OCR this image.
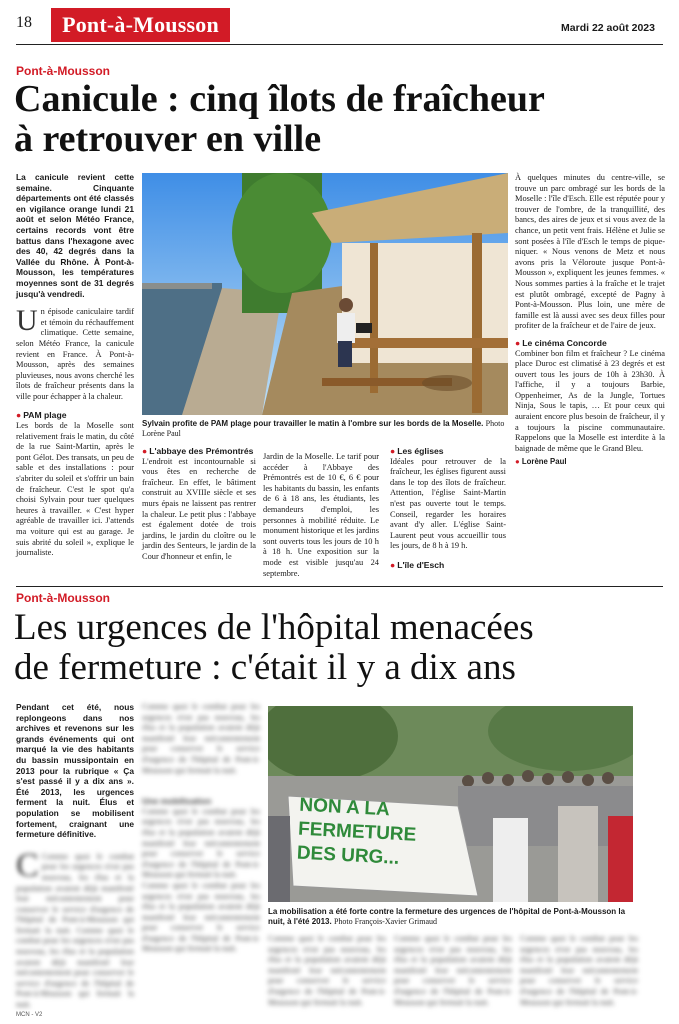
18	Pont-à-Mousson	Mardi 22 août 2023
Pont-à-Mousson
Canicule : cinq îlots de fraîcheur
à retrouver en ville
La canicule revient cette semaine. Cinquante départements ont été classés en vigilance orange lundi 21 août et selon Météo France, certains records vont être battus dans l'hexagone avec des 40, 42 degrés dans la Vallée du Rhône. À Pont-à-Mousson, les températures moyennes sont de 31 degrés jusqu'à vendredi.
Un épisode caniculaire tardif et témoin du réchauffement climatique. Cette semaine, selon Météo France, la canicule revient en France. À Pont-à-Mousson, après des semaines pluvieuses, nous avons cherché les îlots de fraîcheur présents dans la ville pour échapper à la chaleur.
● PAM plage
Les bords de la Moselle sont relativement frais le matin, du côté de la rue Saint-Martin, après le pont Gélot. Des transats, un peu de sable et des installations : pour s'abriter du soleil et s'offrir un bain de fraîcheur. C'est le spot qu'a choisi Sylvain pour tuer quelques heures à travailler. « C'est hyper agréable de travailler ici. J'attends ma voiture qui est au garage. Je suis abrité du soleil », explique le journaliste.
Sylvain profite de PAM plage pour travailler le matin à l'ombre sur les bords de la Moselle. Photo Lorène Paul
● L'abbaye des Prémontrés
L'endroit est incontournable si vous êtes en recherche de fraîcheur. En effet, le bâtiment construit au XVIIIe siècle et ses murs épais ne laissent pas rentrer la chaleur. Le petit plus : l'abbaye est également dotée de trois jardins, le jardin du cloître ou le jardin des Senteurs, le jardin de la Cour d'honneur et enfin, le
Jardin de la Moselle. Le tarif pour accéder à l'Abbaye des Prémontrés est de 10 €, 6 € pour les habitants du bassin, les enfants de 6 à 18 ans, les étudiants, les demandeurs d'emploi, les personnes à mobilité réduite. Le monument historique et les jardins sont ouverts tous les jours de 10 h à 18 h. Une exposition sur la mode est visible jusqu'au 24 septembre.
● Les églises
Idéales pour retrouver de la fraîcheur, les églises figurent aussi dans le top des îlots de fraîcheur. Attention, l'église Saint-Martin n'est pas ouverte tout le temps. Conseil, regarder les horaires avant d'y aller. L'église Saint-Laurent peut vous accueillir tous les jours, de 8 h à 19 h.
● L'île d'Esch
À quelques minutes du centre-ville, se trouve un parc ombragé sur les bords de la Moselle : l'île d'Esch. Elle est réputée pour y trouver de l'ombre, de la tranquillité, des bancs, des aires de jeux et si vous avez de la chance, un petit vent frais. Hélène et Julie se sont posées à l'île d'Esch le temps de pique-niquer. « Nous venons de Metz et nous avons pris la Véloroute jusque Pont-à-Mousson », expliquent les jeunes femmes. « Nous sommes parties à la fraîche et le trajet est plutôt ombragé, excepté de Pagny à Pont-à-Mousson. Plus loin, une mère de famille est là aussi avec ses deux filles pour profiter de la fraîcheur et de l'aire de jeux.
● Le cinéma Concorde
Combiner bon film et fraîcheur ? Le cinéma place Duroc est climatisé à 23 degrés et est ouvert tous les jours de 10h à 23h30. À l'affiche, il y a toujours Barbie, Oppenheimer, As de la Jungle, Tortues Ninja, Sous le tapis, … Et pour ceux qui auraient encore plus besoin de fraîcheur, il y a toujours la piscine communautaire. Rappelons que la Moselle est interdite à la baignade de même que le Grand Bleu.
● Lorène Paul
Pont-à-Mousson
Les urgences de l'hôpital menacées
de fermeture : c'était il y a dix ans
Pendant cet été, nous replongeons dans nos archives et revenons sur les grands événements qui ont marqué la vie des habitants du bassin mussipontain en 2013 pour la rubrique « Ça s'est passé il y a dix ans ». Été 2013, les urgences ferment la nuit. Élus et population se mobilisent fortement, craignant une fermeture définitive.
C Comme quoi le combat pour les urgences n'est pas nouveau, les élus et la population avaient déjà manifesté leur mécontentement pour conserver le service d'urgence de l'hôpital de Pont-à-Mousson qui fermait la nuit. Comme quoi le combat pour les urgences n'est pas nouveau, les élus et la population avaient déjà manifesté leur mécontentement pour conserver le service d'urgence de l'hôpital de Pont-à-Mousson qui fermait la nuit.
Comme quoi le combat pour les urgences n'est pas nouveau, les élus et la population avaient déjà manifesté leur mécontentement pour conserver le service d'urgence de l'hôpital de Pont-à-Mousson qui fermait la nuit.
Une mobilisation
Comme quoi le combat pour les urgences n'est pas nouveau, les élus et la population avaient déjà manifesté leur mécontentement pour conserver le service d'urgence de l'hôpital de Pont-à-Mousson qui fermait la nuit.
Comme quoi le combat pour les urgences n'est pas nouveau, les élus et la population avaient déjà manifesté leur mécontentement pour conserver le service d'urgence de l'hôpital de Pont-à-Mousson qui fermait la nuit.
NON A LA
FERMETURE
DES URG...
La mobilisation a été forte contre la fermeture des urgences de l'hôpital de Pont-à-Mousson la nuit, à l'été 2013. Photo François-Xavier Grimaud
Comme quoi le combat pour les urgences n'est pas nouveau, les élus et la population avaient déjà manifesté leur mécontentement pour conserver le service d'urgence de l'hôpital de Pont-à-Mousson qui fermait la nuit.
Comme quoi le combat pour les urgences n'est pas nouveau, les élus et la population avaient déjà manifesté leur mécontentement pour conserver le service d'urgence de l'hôpital de Pont-à-Mousson qui fermait la nuit.
Comme quoi le combat pour les urgences n'est pas nouveau, les élus et la population avaient déjà manifesté leur mécontentement pour conserver le service d'urgence de l'hôpital de Pont-à-Mousson qui fermait la nuit.
MCN - V2
